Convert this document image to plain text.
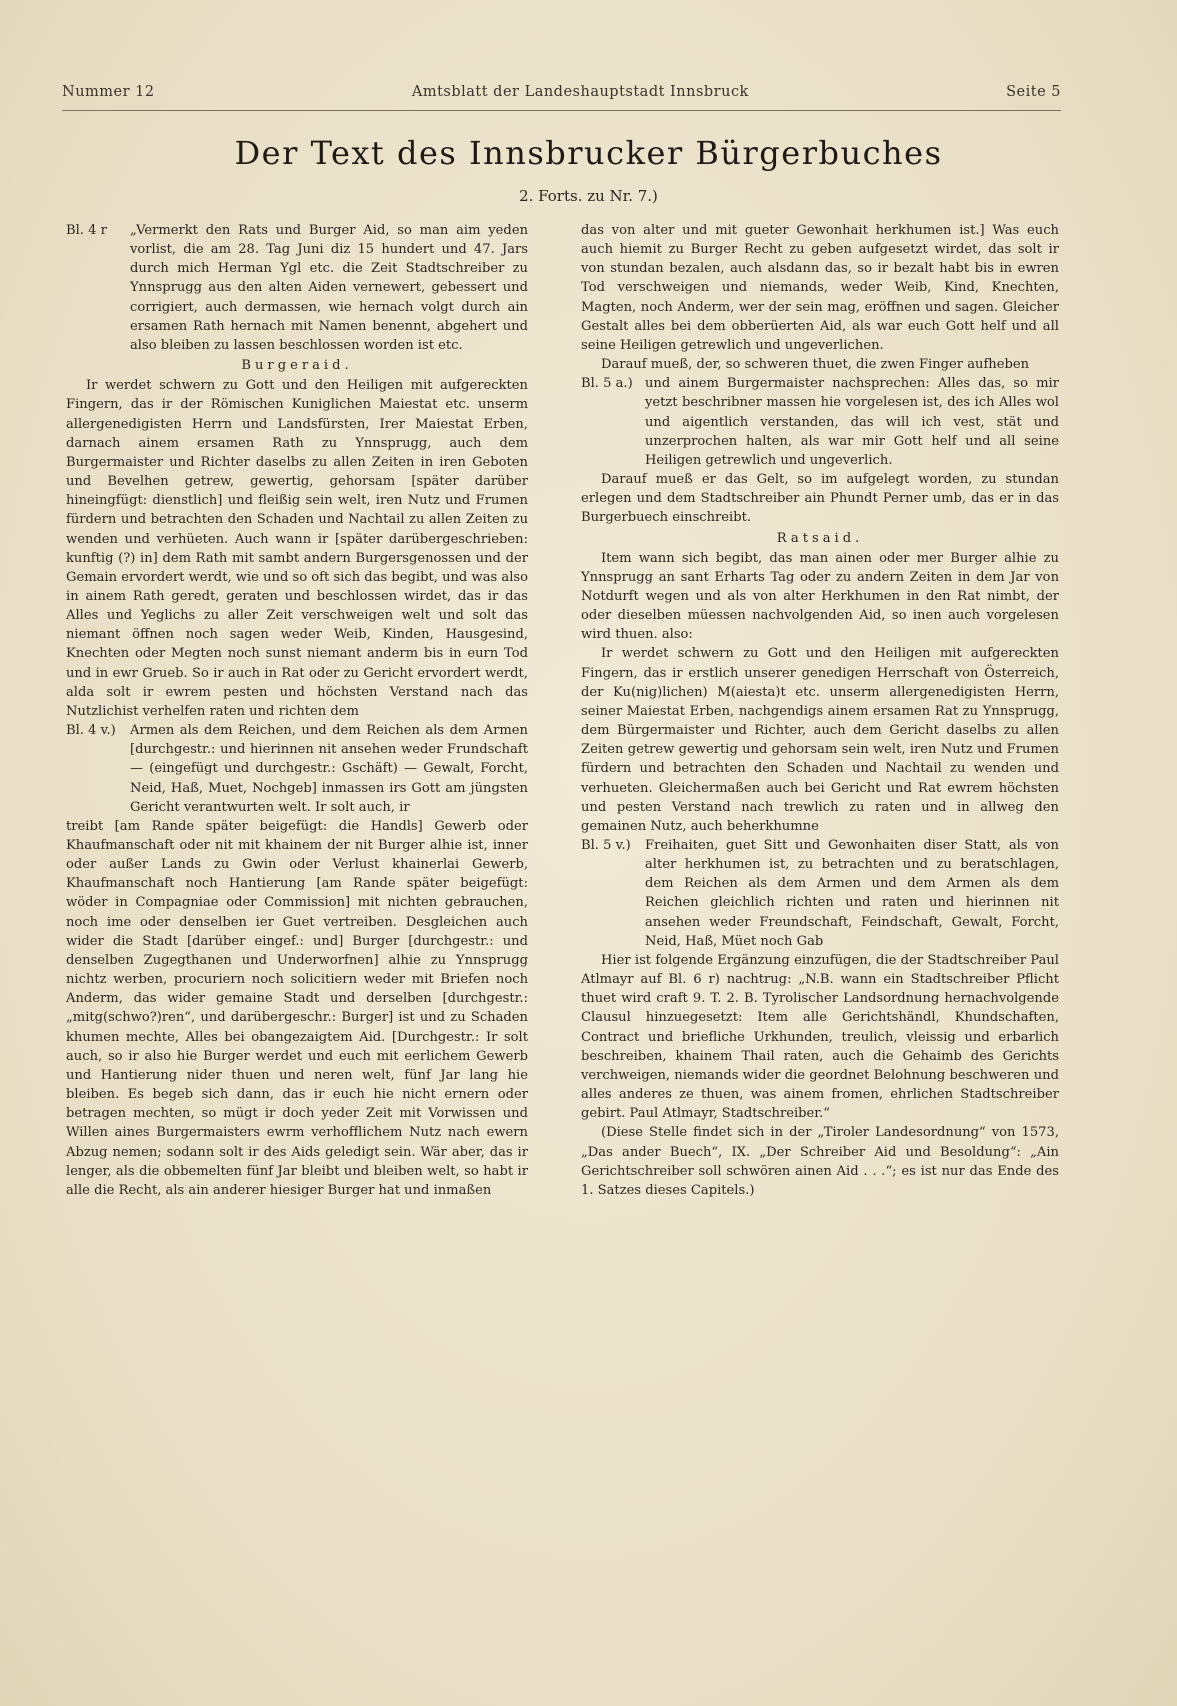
Nummer 12	Amtsblatt der Landeshauptstadt Innsbruck	Seite 5
Der Text des Innsbrucker Bürgerbuches
2. Forts. zu Nr. 7.)

Bl. 4 r	„Vermerkt den Rats und Burger Aid, so man aim yeden vorlist, die am 28. Tag Juni diz 15 hundert und 47. Jars durch mich Herman Ygl etc. die Zeit Stadtschreiber zu Ynnsprugg aus den alten Aiden vernewert, gebessert und corrigiert, auch dermassen, wie hernach volgt durch ain ersamen Rath hernach mit Namen benennt, abgehert und also bleiben zu lassen beschlossen worden ist etc.

Burgeraid.

Ir werdet schwern zu Gott und den Heiligen mit aufgereckten Fingern, das ir der Römischen Kuniglichen Maiestat etc. unserm allergenedigisten Herrn und Landsfürsten, Irer Maiestat Erben, darnach ainem ersamen Rath zu Ynnsprugg, auch dem Burgermaister und Richter daselbs zu allen Zeiten in iren Geboten und Bevelhen getrew, gewertig, gehorsam [später darüber hineingfügt: dienstlich] und fleißig sein welt, iren Nutz und Frumen fürdern und betrachten den Schaden und Nachtail zu allen Zeiten zu wenden und verhüeten. Auch wann ir [später darübergeschrieben: kunftig (?) in] dem Rath mit sambt andern Burgersgenossen und der Gemain ervordert werdt, wie und so oft sich das begibt, und was also in ainem Rath geredt, geraten und beschlossen wirdet, das ir das Alles und Yeglichs zu aller Zeit verschweigen welt und solt das niemant öffnen noch sagen weder Weib, Kinden, Hausgesind, Knechten oder Megten noch sunst niemant anderm bis in eurn Tod und in ewr Grueb. So ir auch in Rat oder zu Gericht ervordert werdt, alda solt ir ewrem pesten und höchsten Verstand nach das Nutzlichist verhelfen raten und richten dem

Bl. 4 v.)	Armen als dem Reichen, und dem Reichen als dem Armen [durchgestr.: und hierinnen nit ansehen weder Frundschaft — (eingefügt und durchgestr.: Gschäft) — Gewalt, Forcht, Neid, Haß, Muet, Nochgeb] inmassen irs Gott am jüngsten Gericht verantwurten welt. Ir solt auch, ir

treibt [am Rande später beigefügt: die Handls] Gewerb oder Khaufmanschaft oder nit mit khainem der nit Burger alhie ist, inner oder außer Lands zu Gwin oder Verlust khainerlai Gewerb, Khaufmanschaft noch Hantierung [am Rande später beigefügt: wöder in Compagniae oder Commission] mit nichten gebrauchen, noch ime oder denselben ier Guet vertreiben. Desgleichen auch wider die Stadt [darüber eingef.: und] Burger [durchgestr.: und denselben Zugegthanen und Underworfnen] alhie zu Ynnsprugg nichtz werben, procuriern noch solicitiern weder mit Briefen noch Anderm, das wider gemaine Stadt und derselben [durchgestr.: „mitg(schwo?)ren“, und darübergeschr.: Burger] ist und zu Schaden khumen mechte, Alles bei obangezaigtem Aid. [Durchgestr.: Ir solt auch, so ir also hie Burger werdet und euch mit eerlichem Gewerb und Hantierung nider thuen und neren welt, fünf Jar lang hie bleiben. Es begeb sich dann, das ir euch hie nicht ernern oder betragen mechten, so mügt ir doch yeder Zeit mit Vorwissen und Willen aines Burgermaisters ewrm verhofflichem Nutz nach ewern Abzug nemen; sodann solt ir des Aids geledigt sein. Wär aber, das ir lenger, als die obbemelten fünf Jar bleibt und bleiben welt, so habt ir alle die Recht, als ain anderer hiesiger Burger hat und inmaßen

das von alter und mit gueter Gewonhait herkhumen ist.] Was euch auch hiemit zu Burger Recht zu geben aufgesetzt wirdet, das solt ir von stundan bezalen, auch alsdann das, so ir bezalt habt bis in ewren Tod verschweigen und niemands, weder Weib, Kind, Knechten, Magten, noch Anderm, wer der sein mag, eröffnen und sagen. Gleicher Gestalt alles bei dem obberüerten Aid, als war euch Gott helf und all seine Heiligen getrewlich und ungeverlichen.

Darauf mueß, der, so schweren thuet, die zwen Finger aufheben

Bl. 5 a.) und ainem Burgermaister nachsprechen: Alles das, so mir yetzt beschribner massen hie vorgelesen ist, des ich Alles wol und aigentlich verstanden, das will ich vest, stät und unzerprochen halten, als war mir Gott helf und all seine Heiligen getrewlich und ungeverlich.

Darauf mueß er das Gelt, so im aufgelegt worden, zu stundan erlegen und dem Stadtschreiber ain Phundt Perner umb, das er in das Burgerbuech einschreibt.

Ratsaid.

Item wann sich begibt, das man ainen oder mer Burger alhie zu Ynnsprugg an sant Erharts Tag oder zu andern Zeiten in dem Jar von Notdurft wegen und als von alter Herkhumen in den Rat nimbt, der oder dieselben müessen nachvolgenden Aid, so inen auch vorgelesen wird thuen. also:

Ir werdet schwern zu Gott und den Heiligen mit aufgereckten Fingern, das ir erstlich unserer genedigen Herrschaft von Österreich, der Ku(nig)lichen) M(aiesta)t etc. unserm allergenedigisten Herrn, seiner Maiestat Erben, nachgendigs ainem ersamen Rat zu Ynnsprugg, dem Bürgermaister und Richter, auch dem Gericht daselbs zu allen Zeiten getrew gewertig und gehorsam sein welt, iren Nutz und Frumen fürdern und betrachten den Schaden und Nachtail zu wenden und verhueten. Gleichermaßen auch bei Gericht und Rat ewrem höchsten und pesten Verstand nach trewlich zu raten und in allweg den gemainen Nutz, auch beherkhumne

Bl. 5 v.)	Freihaiten, guet Sitt und Gewonhaiten diser Statt, als von alter herkhumen ist, zu betrachten und zu beratschlagen, dem Reichen als dem Armen und dem Armen als dem Reichen gleichlich richten und raten und hierinnen nit ansehen weder Freundschaft, Feindschaft, Gewalt, Forcht, Neid, Haß, Müet noch Gab

Hier ist folgende Ergänzung einzufügen, die der Stadtschreiber Paul Atlmayr auf Bl. 6 r) nachtrug: „N.B. wann ein Stadtschreiber Pflicht thuet wird craft 9. T. 2. B. Tyrolischer Landsordnung hernachvolgende Clausul hinzuegesetzt: Item alle Gerichtshändl, Khundschaften, Contract und briefliche Urkhunden, treulich, vleissig und erbarlich beschreiben, khainem Thail raten, auch die Gehaimb des Gerichts verchweigen, niemands wider die geordnet Belohnung beschweren und alles anderes ze thuen, was ainem fromen, ehrlichen Stadtschreiber gebirt. Paul Atlmayr, Stadtschreiber.“

(Diese Stelle findet sich in der „Tiroler Landesordnung“ von 1573, „Das ander Buech“, IX. „Der Schreiber Aid und Besoldung“: „Ain Gerichtschreiber soll schwören ainen Aid . . .“; es ist nur das Ende des 1. Satzes dieses Capitels.)
